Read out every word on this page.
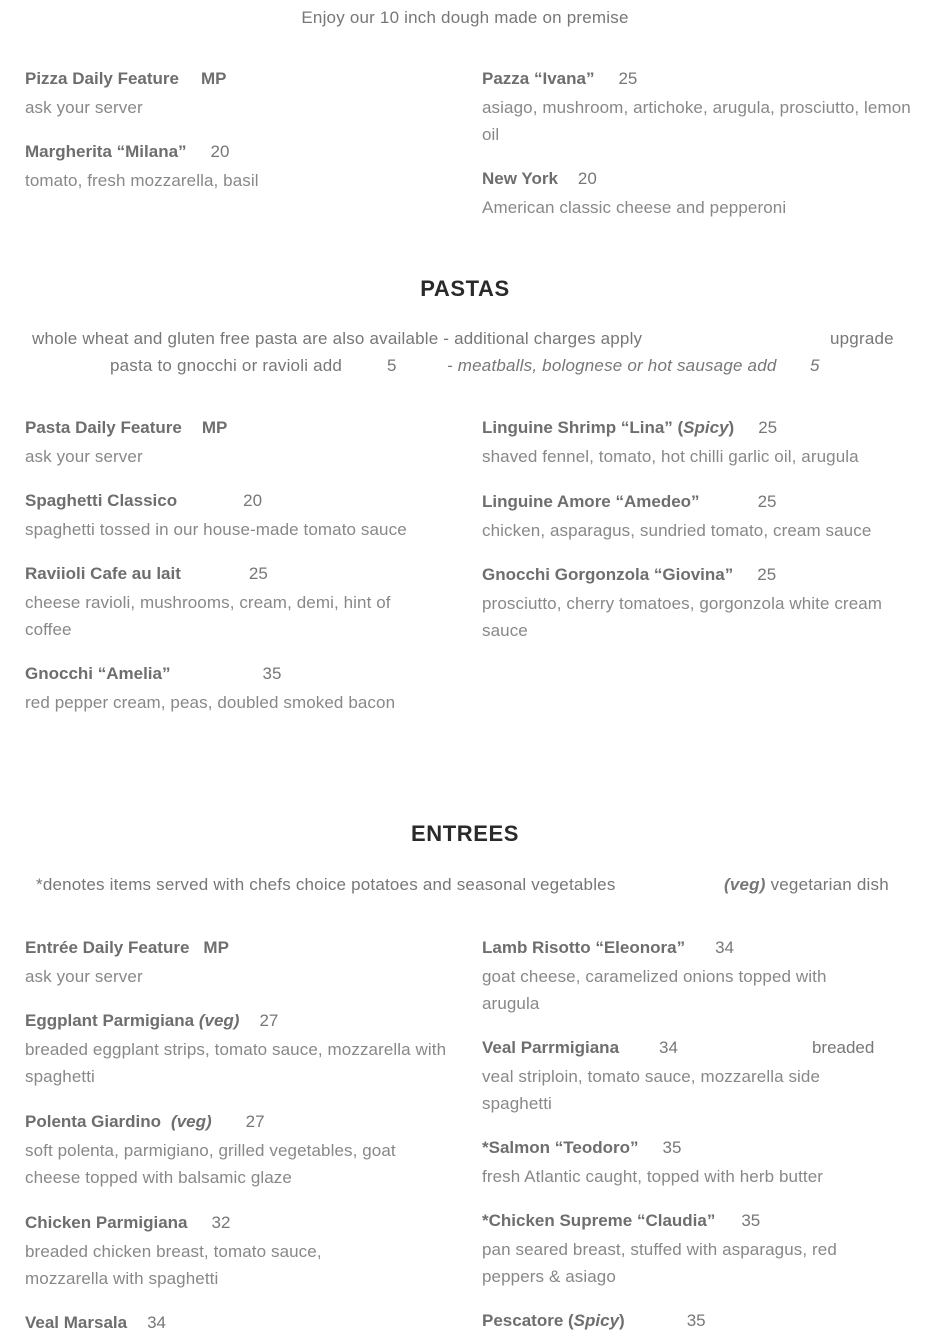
Enjoy our 10 inch dough made on premise
Pizza Daily Feature MP
ask your server
Margherita “Milana” 20
tomato, fresh mozzarella, basil
Pazza “Ivana” 25
asiago, mushroom, artichoke, arugula, prosciutto, lemon oil
New York 20
American classic cheese and pepperoni
PASTAS
whole wheat and gluten free pasta are also available - additional charges apply	upgrade
pasta to gnocchi or ravioli add	5	- meatballs, bolognese or hot sausage add 5
Pasta Daily Feature MP
ask your server
Spaghetti Classico	20
spaghetti tossed in our house-made tomato sauce
Raviioli Cafe au lait	25
cheese ravioli, mushrooms, cream, demi, hint of coffee
Gnocchi “Amelia”	35
red pepper cream, peas, doubled smoked bacon
Linguine Shrimp “Lina” (Spicy) 25
shaved fennel, tomato, hot chilli garlic oil, arugula
Linguine Amore “Amedeo”	25
chicken, asparagus, sundried tomato, cream sauce
Gnocchi Gorgonzola “Giovina” 25
prosciutto, cherry tomatoes, gorgonzola white cream sauce
ENTREES
*denotes items served with chefs choice potatoes and seasonal vegetables	(veg) vegetarian dish
Entrée Daily Feature MP
ask your server
Eggplant Parmigiana (veg) 27
breaded eggplant strips, tomato sauce, mozzarella with spaghetti
Polenta Giardino (veg) 27
soft polenta, parmigiano, grilled vegetables, goat cheese topped with balsamic glaze
Chicken Parmigiana 32
breaded chicken breast, tomato sauce, mozzarella with spaghetti
Veal Marsala 34
Lamb Risotto “Eleonora” 34
goat cheese, caramelized onions topped with arugula
Veal Parrmigiana 34	breaded
veal striploin, tomato sauce, mozzarella side spaghetti
*Salmon “Teodoro” 35
fresh Atlantic caught, topped with herb butter
*Chicken Supreme “Claudia” 35
pan seared breast, stuffed with asparagus, red peppers & asiago
Pescatore (Spicy)	35
